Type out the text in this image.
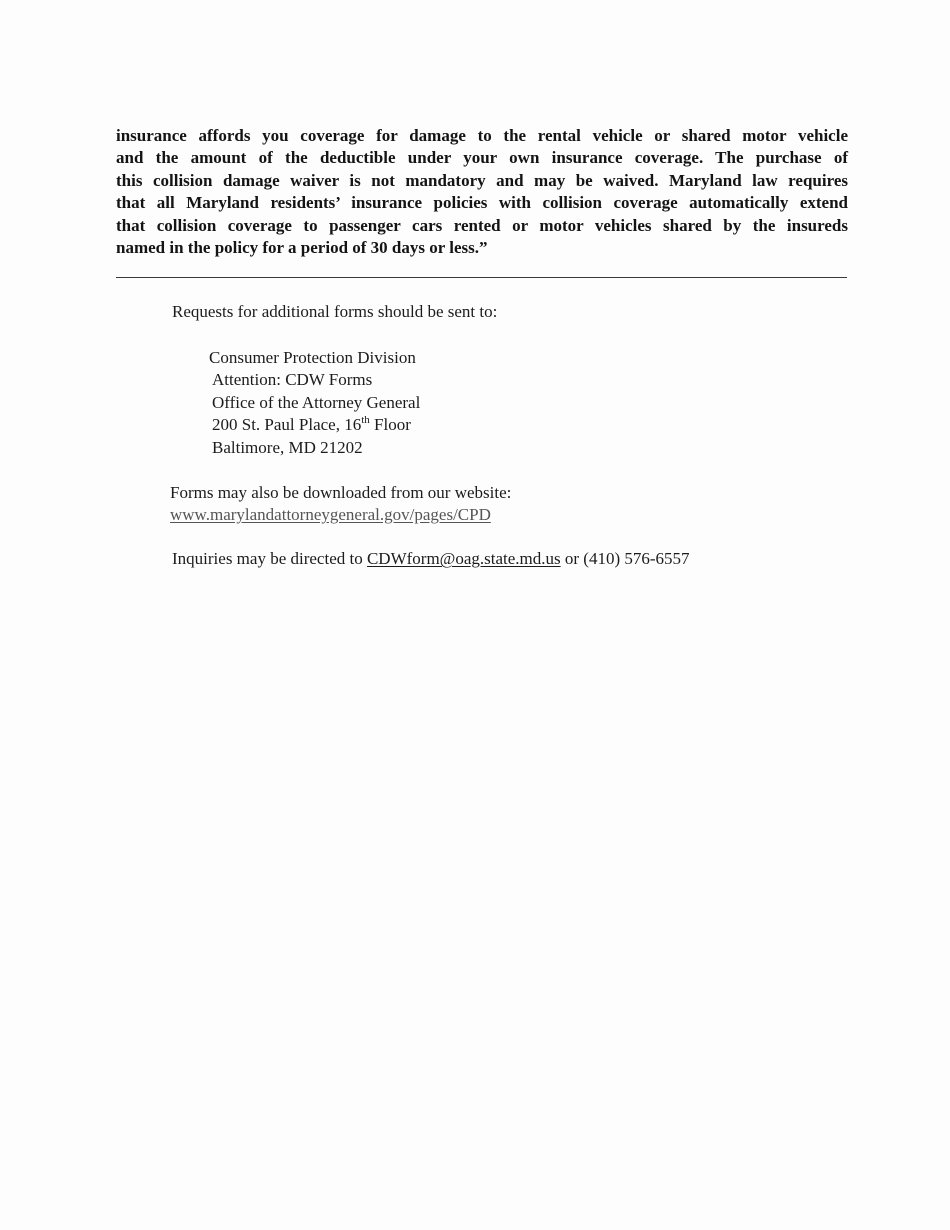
insurance affords you coverage for damage to the rental vehicle or shared motor vehicle
and the amount of the deductible under your own insurance coverage. The purchase of
this collision damage waiver is not mandatory and may be waived. Maryland law requires
that all Maryland residents’ insurance policies with collision coverage automatically extend
that collision coverage to passenger cars rented or motor vehicles shared by the insureds
named in the policy for a period of 30 days or less.”

Requests for additional forms should be sent to:

Consumer Protection Division
Attention: CDW Forms
Office of the Attorney General
200 St. Paul Place, 16th Floor
Baltimore, MD 21202

Forms may also be downloaded from our website:

www.marylandattorneygeneral.gov/pages/CPD

Inquiries may be directed to CDWform@oag.state.md.us or (410) 576-6557
